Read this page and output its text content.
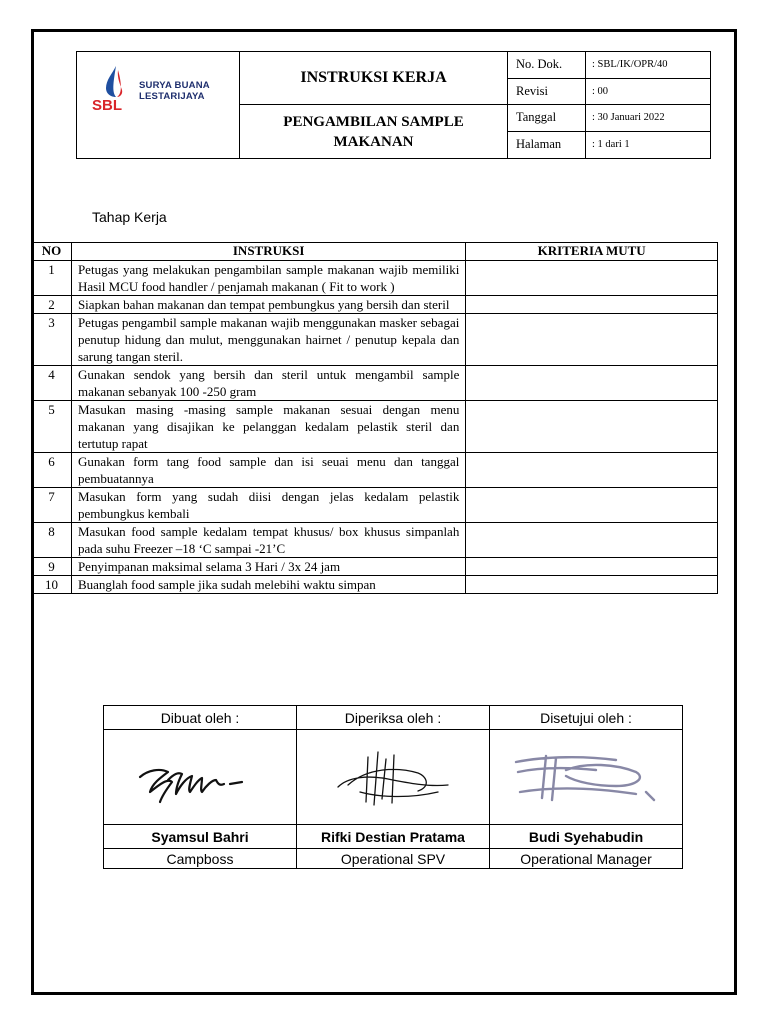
SBL
SURYA BUANA
LESTARIJAYA
INSTRUKSI KERJA
PENGAMBILAN SAMPLE MAKANAN
No. Dok.	: SBL/IK/OPR/40
Revisi	: 00
Tanggal	: 30 Januari 2022
Halaman	: 1 dari 1
Tahap Kerja
NO	INSTRUKSI	KRITERIA MUTU
1	Petugas yang melakukan pengambilan sample makanan wajib memiliki Hasil MCU food handler / penjamah makanan ( Fit to work )	
2	Siapkan bahan makanan dan tempat pembungkus yang bersih dan steril	
3	Petugas pengambil sample makanan wajib menggunakan masker sebagai penutup hidung dan mulut, menggunakan hairnet / penutup kepala dan sarung tangan steril.	
4	Gunakan sendok yang bersih dan steril untuk mengambil sample makanan sebanyak 100 -250 gram	
5	Masukan masing -masing sample makanan sesuai dengan menu makanan yang disajikan ke pelanggan kedalam pelastik steril dan tertutup rapat	
6	Gunakan form tang food sample dan isi seuai menu dan tanggal pembuatannya	
7	Masukan form yang sudah diisi dengan jelas kedalam pelastik pembungkus kembali	
8	Masukan food sample kedalam tempat khusus/ box khusus simpanlah pada suhu Freezer –18 ‘C sampai -21’C	
9	Penyimpanan maksimal selama 3 Hari / 3x 24 jam	
10	Buanglah food sample jika sudah melebihi waktu simpan	
Dibuat oleh :	Diperiksa oleh :	Disetujui oleh :

Syamsul Bahri	Rifki Destian Pratama	Budi Syehabudin
Campboss	Operational SPV	Operational Manager
